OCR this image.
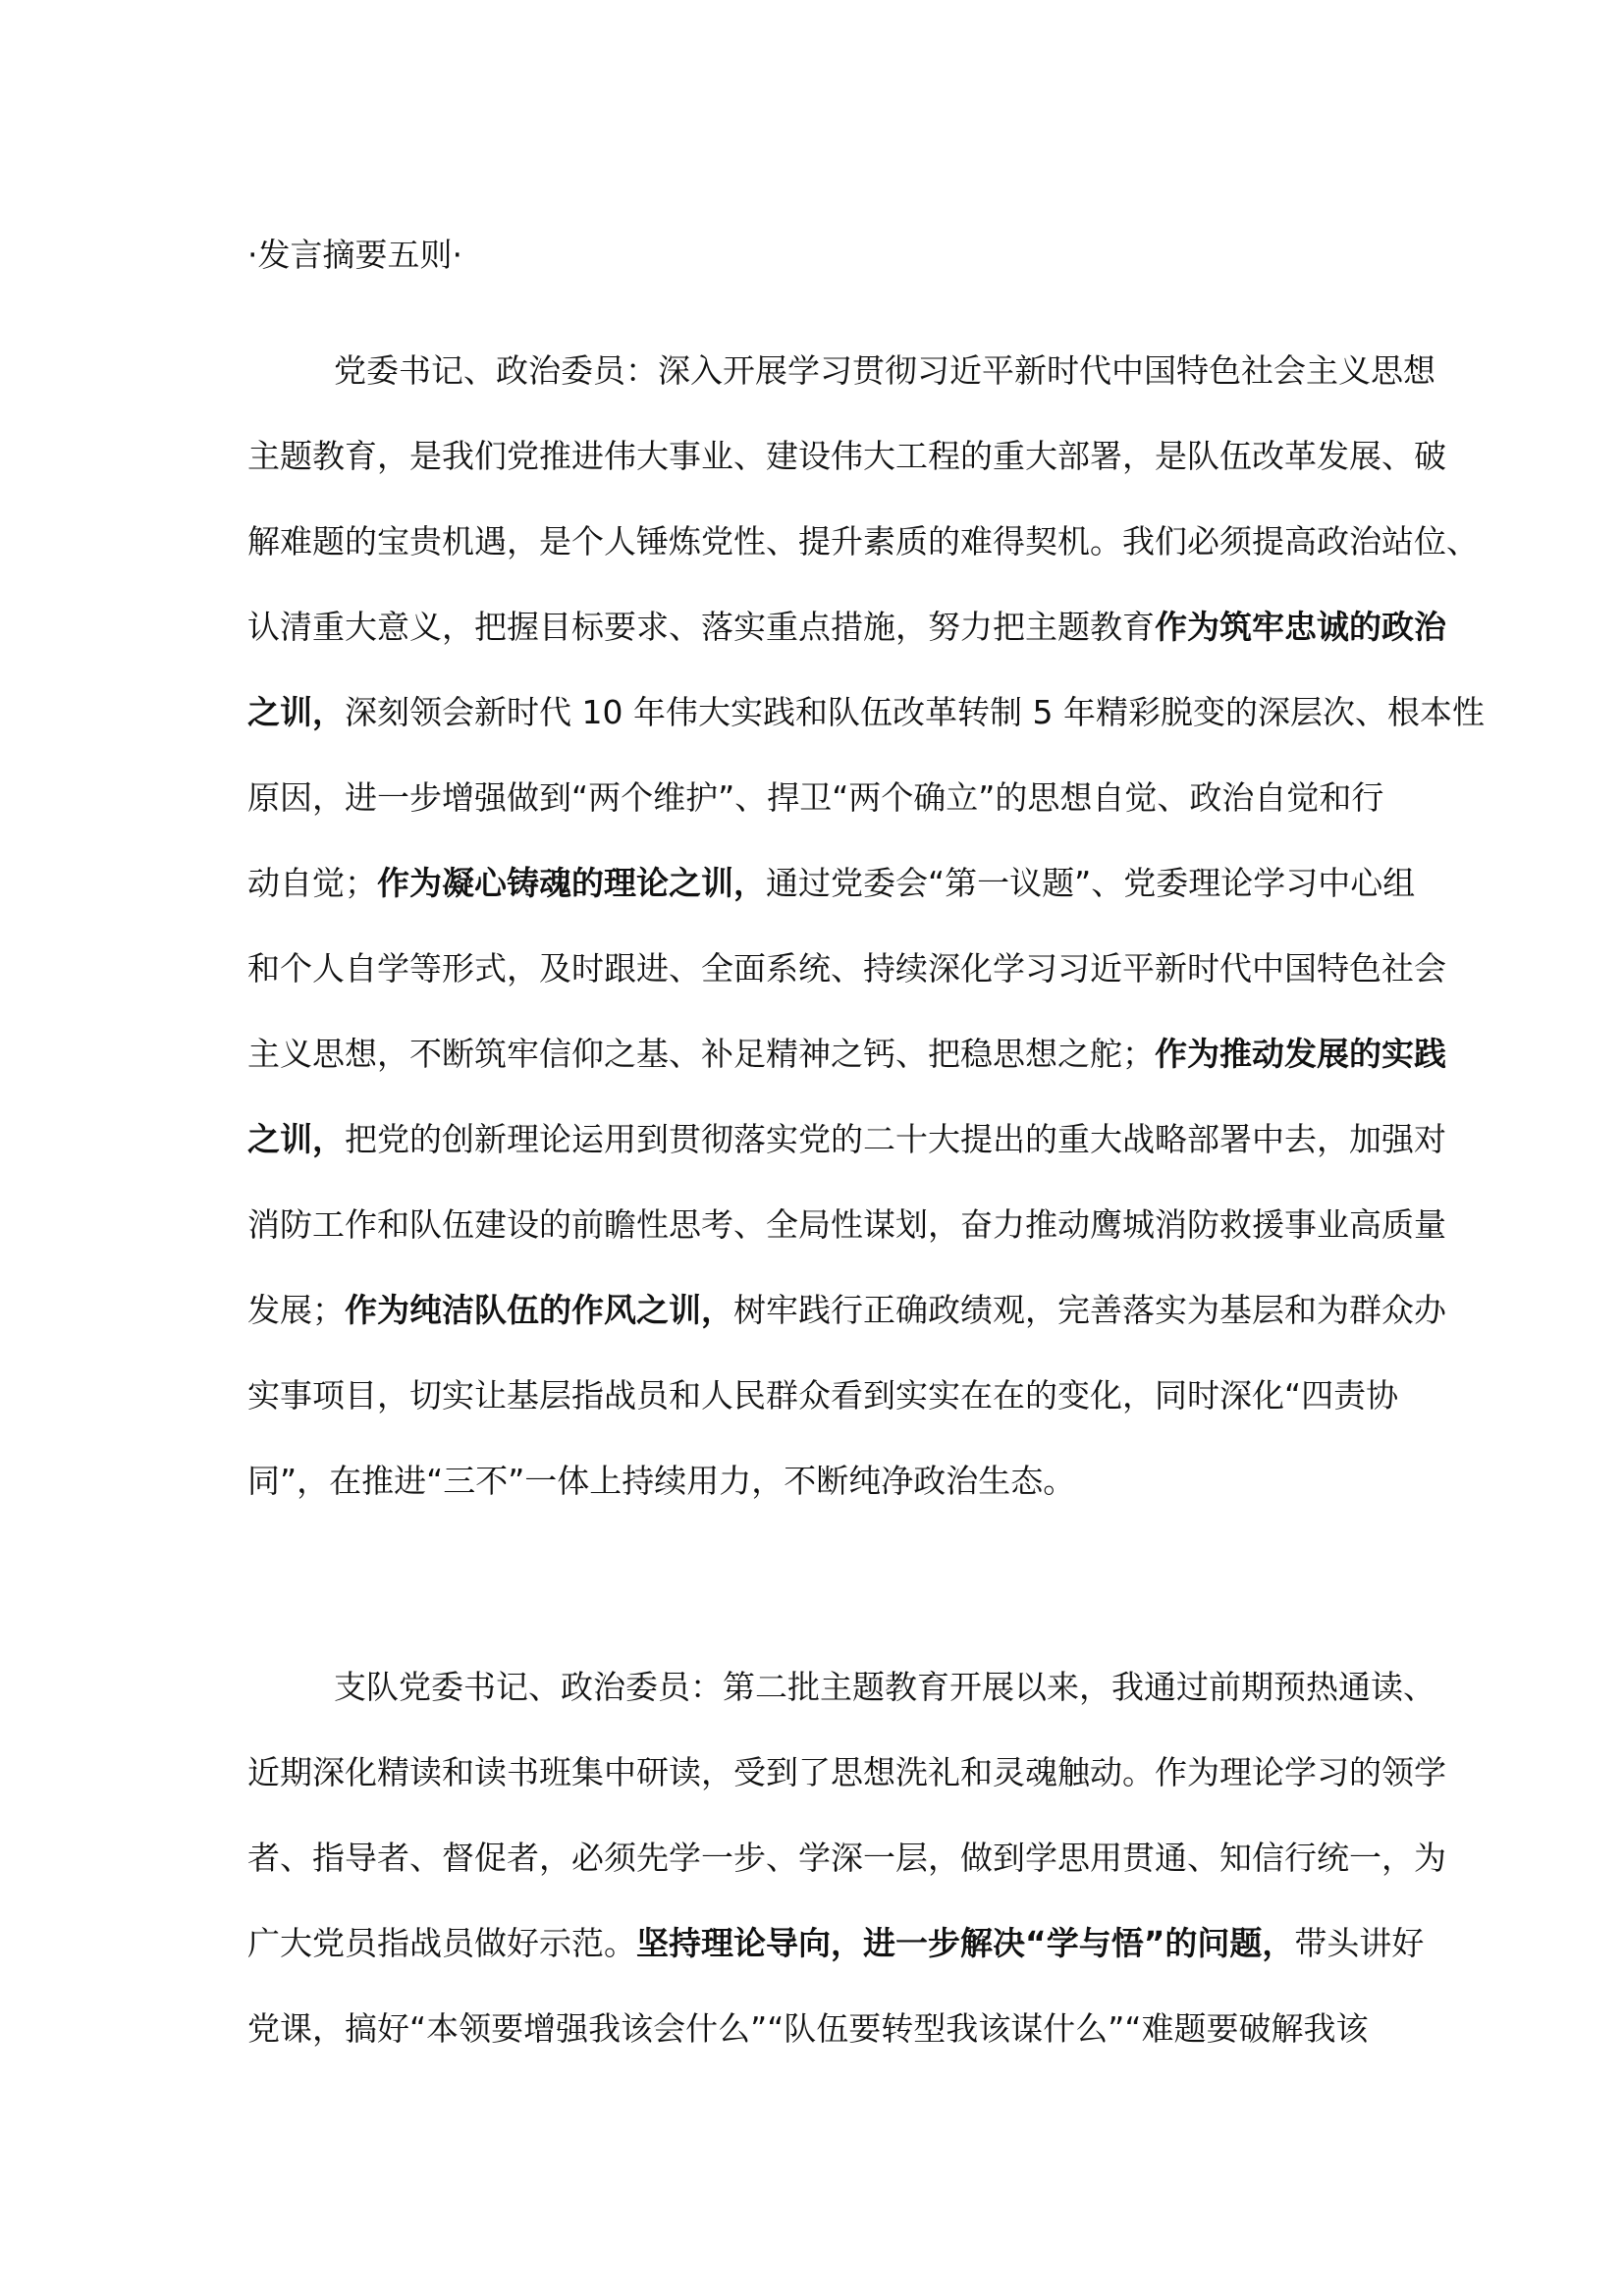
·发言摘要五则·
党委书记、政治委员：深入开展学习贯彻习近平新时代中国特色社会主义思想
主题教育，是我们党推进伟大事业、建设伟大工程的重大部署，是队伍改革发展、破
解难题的宝贵机遇，是个人锤炼党性、提升素质的难得契机。我们必须提高政治站位、
认清重大意义，把握目标要求、落实重点措施，努力把主题教育作为筑牢忠诚的政治
之训，深刻领会新时代 10 年伟大实践和队伍改革转制 5 年精彩脱变的深层次、根本性
原因，进一步增强做到“两个维护”、捍卫“两个确立”的思想自觉、政治自觉和行
动自觉；作为凝心铸魂的理论之训，通过党委会“第一议题”、党委理论学习中心组
和个人自学等形式，及时跟进、全面系统、持续深化学习习近平新时代中国特色社会
主义思想，不断筑牢信仰之基、补足精神之钙、把稳思想之舵；作为推动发展的实践
之训，把党的创新理论运用到贯彻落实党的二十大提出的重大战略部署中去，加强对
消防工作和队伍建设的前瞻性思考、全局性谋划，奋力推动鹰城消防救援事业高质量
发展；作为纯洁队伍的作风之训，树牢践行正确政绩观，完善落实为基层和为群众办
实事项目，切实让基层指战员和人民群众看到实实在在的变化，同时深化“四责协
同”，在推进“三不”一体上持续用力，不断纯净政治生态。
支队党委书记、政治委员：第二批主题教育开展以来，我通过前期预热通读、
近期深化精读和读书班集中研读，受到了思想洗礼和灵魂触动。作为理论学习的领学
者、指导者、督促者，必须先学一步、学深一层，做到学思用贯通、知信行统一，为
广大党员指战员做好示范。坚持理论导向，进一步解决“学与悟”的问题，带头讲好
党课，搞好“本领要增强我该会什么”“队伍要转型我该谋什么”“难题要破解我该
